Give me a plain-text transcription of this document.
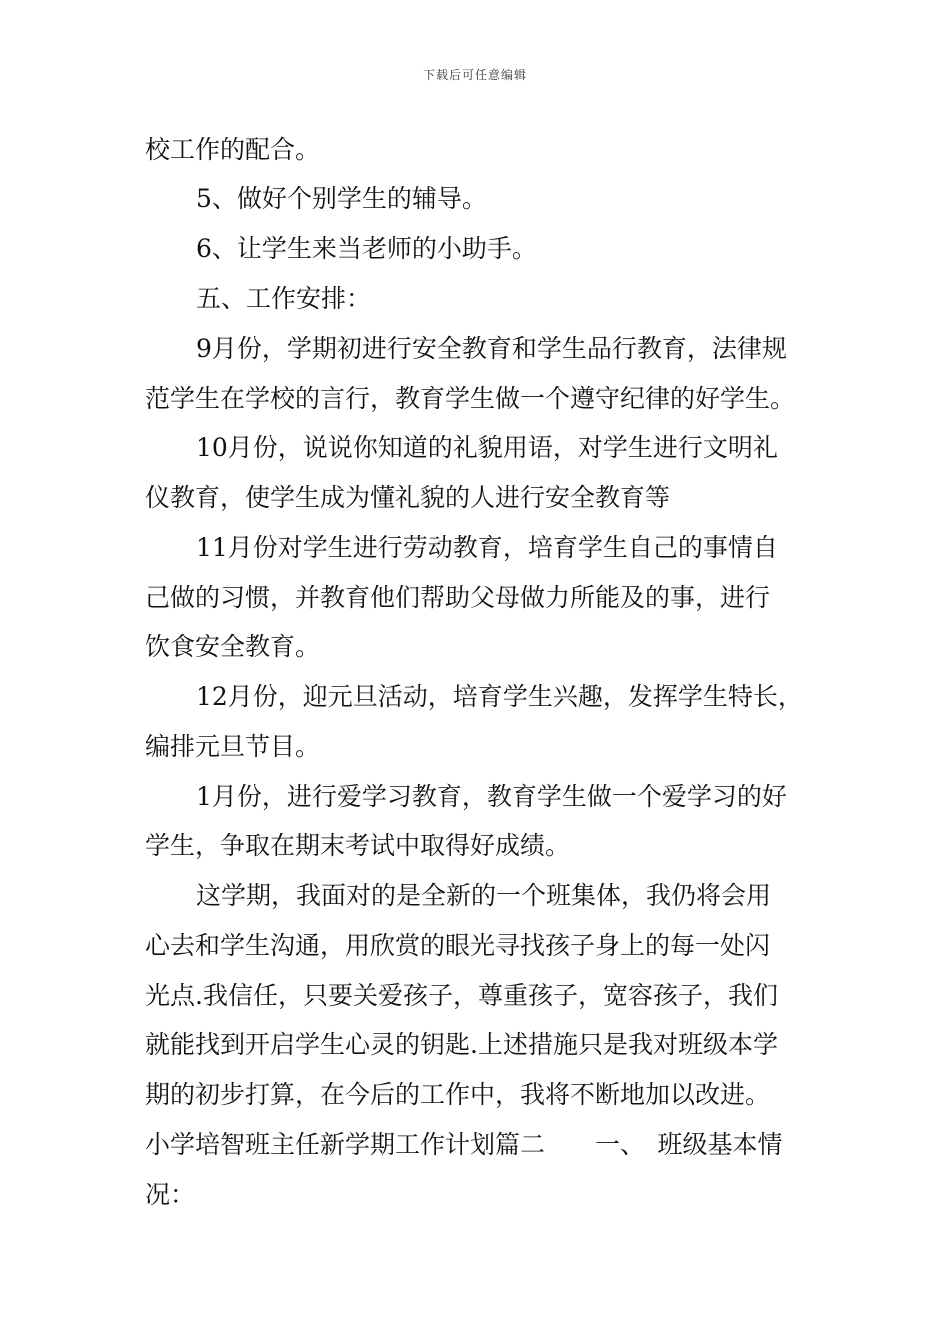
下载后可任意编辑
校工作的配合。
5、做好个别学生的辅导。
6、让学生来当老师的小助手。
五、工作安排：
9月份，学期初进行安全教育和学生品行教育，法律规
范学生在学校的言行，教育学生做一个遵守纪律的好学生。
10月份，说说你知道的礼貌用语，对学生进行文明礼
仪教育，使学生成为懂礼貌的人进行安全教育等
11月份对学生进行劳动教育，培育学生自己的事情自
己做的习惯，并教育他们帮助父母做力所能及的事，进行
饮食安全教育。
12月份，迎元旦活动，培育学生兴趣，发挥学生特长，
编排元旦节目。
1月份，进行爱学习教育，教育学生做一个爱学习的好
学生，争取在期末考试中取得好成绩。
这学期，我面对的是全新的一个班集体，我仍将会用
心去和学生沟通，用欣赏的眼光寻找孩子身上的每一处闪
光点.我信任，只要关爱孩子，尊重孩子，宽容孩子，我们
就能找到开启学生心灵的钥匙.上述措施只是我对班级本学
期的初步打算，在今后的工作中，我将不断地加以改进。
小学培智班主任新学期工作计划篇二　　一、　班级基本情
况：
